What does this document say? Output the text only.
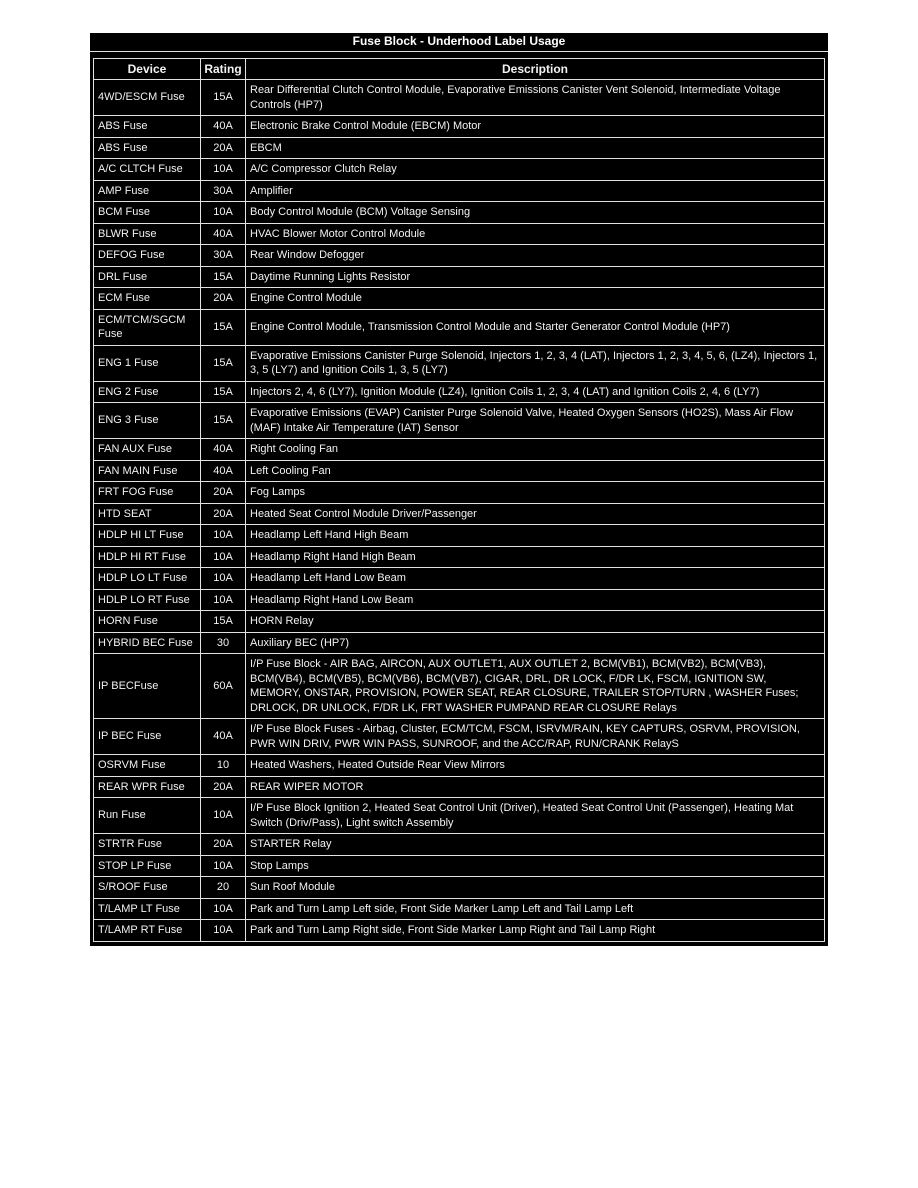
Fuse Block - Underhood Label Usage
Device	Rating	Description
4WD/ESCM Fuse	15A	Rear Differential Clutch Control Module, Evaporative Emissions Canister Vent Solenoid, Intermediate Voltage Controls (HP7)
ABS Fuse	40A	Electronic Brake Control Module (EBCM) Motor
ABS Fuse	20A	EBCM
A/C CLTCH Fuse	10A	A/C Compressor Clutch Relay
AMP Fuse	30A	Amplifier
BCM Fuse	10A	Body Control Module (BCM) Voltage Sensing
BLWR Fuse	40A	HVAC Blower Motor Control Module
DEFOG Fuse	30A	Rear Window Defogger
DRL Fuse	15A	Daytime Running Lights Resistor
ECM Fuse	20A	Engine Control Module
ECM/TCM/SGCM Fuse	15A	Engine Control Module, Transmission Control Module and Starter Generator Control Module (HP7)
ENG 1 Fuse	15A	Evaporative Emissions Canister Purge Solenoid, Injectors 1, 2, 3, 4 (LAT), Injectors 1, 2, 3, 4, 5, 6, (LZ4), Injectors 1, 3, 5 (LY7) and Ignition Coils 1, 3, 5 (LY7)
ENG 2 Fuse	15A	Injectors 2, 4, 6 (LY7), Ignition Module (LZ4), Ignition Coils 1, 2, 3, 4 (LAT) and Ignition Coils 2, 4, 6 (LY7)
ENG 3 Fuse	15A	Evaporative Emissions (EVAP) Canister Purge Solenoid Valve, Heated Oxygen Sensors (HO2S), Mass Air Flow (MAF) Intake Air Temperature (IAT) Sensor
FAN AUX Fuse	40A	Right Cooling Fan
FAN MAIN Fuse	40A	Left Cooling Fan
FRT FOG Fuse	20A	Fog Lamps
HTD SEAT	20A	Heated Seat Control Module Driver/Passenger
HDLP HI LT Fuse	10A	Headlamp Left Hand High Beam
HDLP HI RT Fuse	10A	Headlamp Right Hand High Beam
HDLP LO LT Fuse	10A	Headlamp Left Hand Low Beam
HDLP LO RT Fuse	10A	Headlamp Right Hand Low Beam
HORN Fuse	15A	HORN Relay
HYBRID BEC Fuse	30	Auxiliary BEC (HP7)
IP BECFuse	60A	I/P Fuse Block - AIR BAG, AIRCON, AUX OUTLET1, AUX OUTLET 2, BCM(VB1), BCM(VB2), BCM(VB3), BCM(VB4), BCM(VB5), BCM(VB6), BCM(VB7), CIGAR, DRL, DR LOCK, F/DR LK, FSCM, IGNITION SW, MEMORY, ONSTAR, PROVISION, POWER SEAT, REAR CLOSURE, TRAILER STOP/TURN , WASHER Fuses; DRLOCK, DR UNLOCK, F/DR LK, FRT WASHER PUMPAND REAR CLOSURE Relays
IP BEC Fuse	40A	I/P Fuse Block Fuses - Airbag, Cluster, ECM/TCM, FSCM, ISRVM/RAIN, KEY CAPTURS, OSRVM, PROVISION, PWR WIN DRIV, PWR WIN PASS, SUNROOF, and the ACC/RAP, RUN/CRANK RelayS
OSRVM Fuse	10	Heated Washers, Heated Outside Rear View Mirrors
REAR WPR Fuse	20A	REAR WIPER MOTOR
Run Fuse	10A	I/P Fuse Block Ignition 2, Heated Seat Control Unit (Driver), Heated Seat Control Unit (Passenger), Heating Mat Switch (Driv/Pass), Light switch Assembly
STRTR Fuse	20A	STARTER Relay
STOP LP Fuse	10A	Stop Lamps
S/ROOF Fuse	20	Sun Roof Module
T/LAMP LT Fuse	10A	Park and Turn Lamp Left side, Front Side Marker Lamp Left and Tail Lamp Left
T/LAMP RT Fuse	10A	Park and Turn Lamp Right side, Front Side Marker Lamp Right and Tail Lamp Right
